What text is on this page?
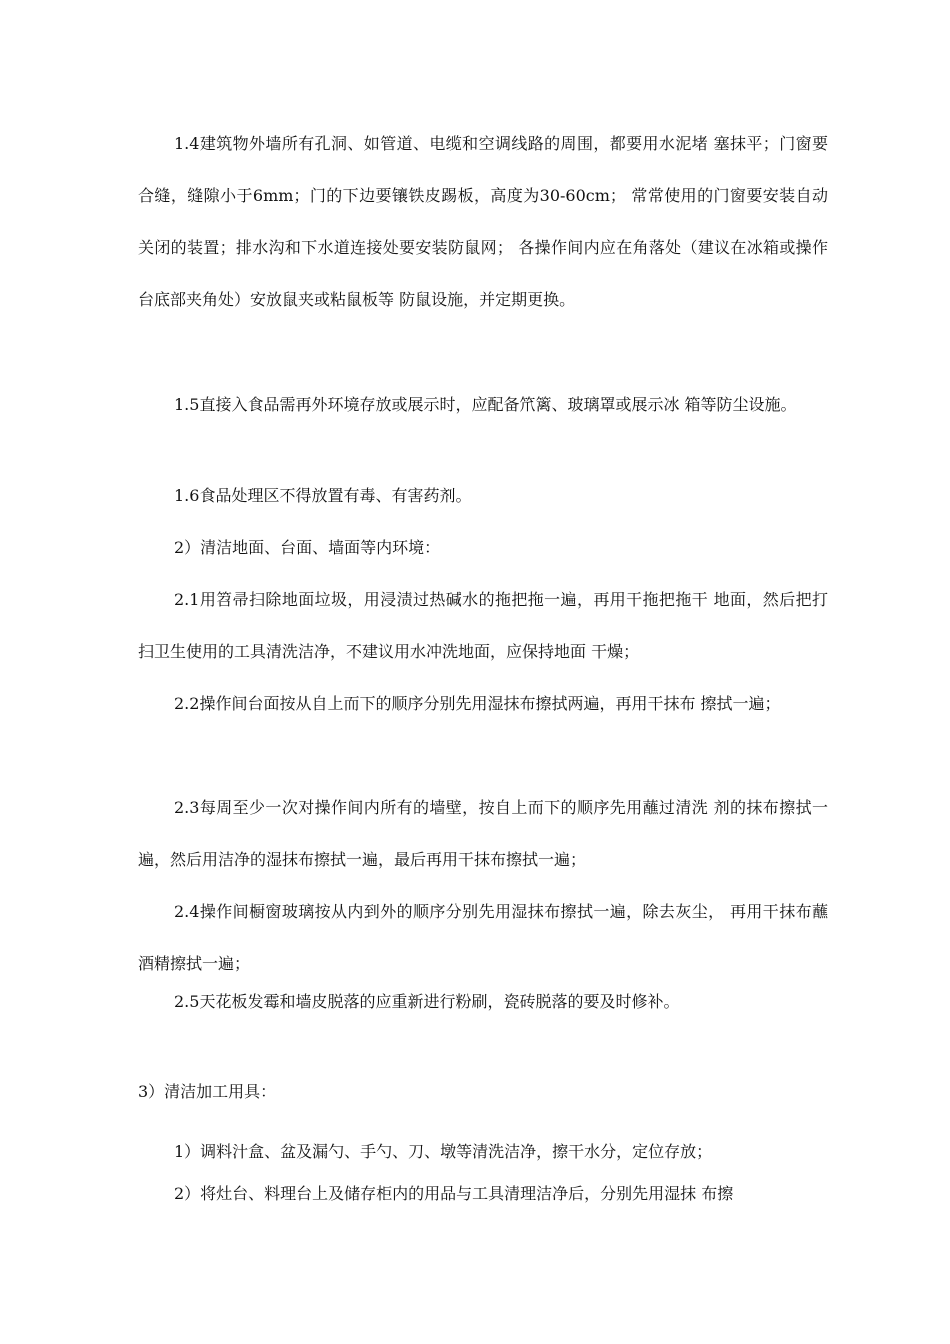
1.4建筑物外墙所有孔洞、如管道、电缆和空调线路的周围，都要用水泥堵 塞抹平；门窗要合缝，缝隙小于6mm；门的下边要镶铁皮踢板，高度为30-60cm； 常常使用的门窗要安装自动关闭的装置；排水沟和下水道连接处要安装防鼠网； 各操作间内应在角落处（建议在冰箱或操作台底部夹角处）安放鼠夹或粘鼠板等 防鼠设施，并定期更换。

1.5直接入食品需再外环境存放或展示时，应配备笊篱、玻璃罩或展示冰 箱等防尘设施。

1.6食品处理区不得放置有毒、有害药剂。

2）清洁地面、台面、墙面等内环境：

2.1用笤帚扫除地面垃圾，用浸渍过热碱水的拖把拖一遍，再用干拖把拖干 地面，然后把打扫卫生使用的工具清洗洁净，不建议用水冲洗地面，应保持地面 干燥；

2.2操作间台面按从自上而下的顺序分别先用湿抹布擦拭两遍，再用干抹布 擦拭一遍；

2.3每周至少一次对操作间内所有的墙壁，按自上而下的顺序先用蘸过清洗 剂的抹布擦拭一遍，然后用洁净的湿抹布擦拭一遍，最后再用干抹布擦拭一遍；

2.4操作间橱窗玻璃按从内到外的顺序分别先用湿抹布擦拭一遍，除去灰尘， 再用干抹布蘸酒精擦拭一遍；

2.5天花板发霉和墙皮脱落的应重新进行粉刷，瓷砖脱落的要及时修补。

3）清洁加工用具：

1）调料汁盒、盆及漏勺、手勺、刀、墩等清洗洁净，擦干水分，定位存放；

2）将灶台、料理台上及储存柜内的用品与工具清理洁净后，分别先用湿抹 布擦
